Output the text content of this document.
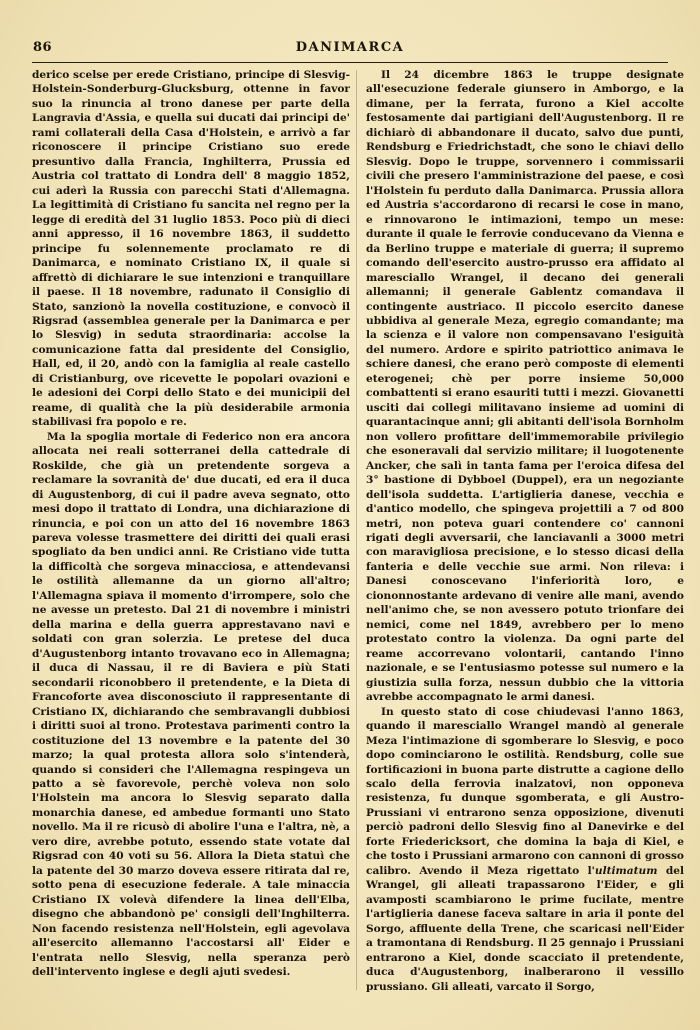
86	DANIMARCA

derico scelse per erede Cristiano, principe di Slesvig-Holstein-Sonderburg-Glucksburg, ottenne in favor suo la rinuncia al trono danese per parte della Langravia d'Assia, e quella sui ducati dai principi de' rami collaterali della Casa d'Holstein, e arrivò a far riconoscere il principe Cristiano suo erede presuntivo dalla Francia, Inghilterra, Prussia ed Austria col trattato di Londra dell' 8 maggio 1852, cui aderì la Russia con parecchi Stati d'Allemagna. La legittimità di Cristiano fu sancita nel regno per la legge di eredità del 31 luglio 1853. Poco più di dieci anni appresso, il 16 novembre 1863, il suddetto principe fu solennemente proclamato re di Danimarca, e nominato Cristiano IX, il quale si affrettò di dichiarare le sue intenzioni e tranquillare il paese. Il 18 novembre, radunato il Consiglio di Stato, sanzionò la novella costituzione, e convocò il Rigsrad (assemblea generale per la Danimarca e per lo Slesvig) in seduta straordinaria: accolse la comunicazione fatta dal presidente del Consiglio, Hall, ed, il 20, andò con la famiglia al reale castello di Cristianburg, ove ricevette le popolari ovazioni e le adesioni dei Corpi dello Stato e dei municipii del reame, di qualità che la più desiderabile armonia stabilivasi fra popolo e re.

Ma la spoglia mortale di Federico non era ancora allocata nei reali sotterranei della cattedrale di Roskilde, che già un pretendente sorgeva a reclamare la sovranità de' due ducati, ed era il duca di Augustenborg, di cui il padre aveva segnato, otto mesi dopo il trattato di Londra, una dichiarazione di rinuncia, e poi con un atto del 16 novembre 1863 pareva volesse trasmettere dei diritti dei quali erasi spogliato da ben undici anni. Re Cristiano vide tutta la difficoltà che sorgeva minacciosa, e attendevansi le ostilità allemanne da un giorno all'altro; l'Allemagna spiava il momento d'irrompere, solo che ne avesse un pretesto. Dal 21 di novembre i ministri della marina e della guerra apprestavano navi e soldati con gran solerzia. Le pretese del duca d'Augustenborg intanto trovavano eco in Allemagna; il duca di Nassau, il re di Baviera e più Stati secondarii riconobbero il pretendente, e la Dieta di Francoforte avea disconosciuto il rappresentante di Cristiano IX, dichiarando che sembravangli dubbiosi i diritti suoi al trono. Protestava parimenti contro la costituzione del 13 novembre e la patente del 30 marzo; la qual protesta allora solo s'intenderà, quando si consideri che l'Allemagna respingeva un patto a sè favorevole, perchè voleva non solo l'Holstein ma ancora lo Slesvig separato dalla monarchia danese, ed ambedue formanti uno Stato novello. Ma il re ricusò di abolire l'una e l'altra, nè, a vero dire, avrebbe potuto, essendo state votate dal Rigsrad con 40 voti su 56. Allora la Dieta statuì che la patente del 30 marzo doveva essere ritirata dal re, sotto pena di esecuzione federale. A tale minaccia Cristiano IX volevà difendere la linea dell'Elba, disegno che abbandonò pe' consigli dell'Inghilterra. Non facendo resistenza nell'Holstein, egli agevolava all'esercito allemanno l'accostarsi all' Eider e l'entrata nello Slesvig, nella speranza però dell'intervento inglese e degli ajuti svedesi.

Il 24 dicembre 1863 le truppe designate all'esecuzione federale giunsero in Amborgo, e la dimane, per la ferrata, furono a Kiel accolte festosamente dai partigiani dell'Augustenborg. Il re dichiarò di abbandonare il ducato, salvo due punti, Rendsburg e Friedrichstadt, che sono le chiavi dello Slesvig. Dopo le truppe, sorvennero i commissarii civili che presero l'amministrazione del paese, e così l'Holstein fu perduto dalla Danimarca. Prussia allora ed Austria s'accordarono di recarsi le cose in mano, e rinnovarono le intimazioni, tempo un mese: durante il quale le ferrovie conducevano da Vienna e da Berlino truppe e materiale di guerra; il supremo comando dell'esercito austro-prusso era affidato al maresciallo Wrangel, il decano dei generali allemanni; il generale Gablentz comandava il contingente austriaco. Il piccolo esercito danese ubbidiva al generale Meza, egregio comandante; ma la scienza e il valore non compensavano l'esiguità del numero. Ardore e spirito patriottico animava le schiere danesi, che erano però composte di elementi eterogenei; chè per porre insieme 50,000 combattenti si erano esauriti tutti i mezzi. Giovanetti usciti dai collegi militavano insieme ad uomini di quarantacinque anni; gli abitanti dell'isola Bornholm non vollero profittare dell'immemorabile privilegio che esoneravali dal servizio militare; il luogotenente Ancker, che salì in tanta fama per l'eroica difesa del 3° bastione di Dybboel (Duppel), era un negoziante dell'isola suddetta. L'artiglieria danese, vecchia e d'antico modello, che spingeva projettili a 7 od 800 metri, non poteva guari contendere co' cannoni rigati degli avversarii, che lanciavanli a 3000 metri con maravigliosa precisione, e lo stesso dicasi della fanteria e delle vecchie sue armi. Non rileva: i Danesi conoscevano l'inferiorità loro, e ciononnostante ardevano di venire alle mani, avendo nell'animo che, se non avessero potuto trionfare dei nemici, come nel 1849, avrebbero per lo meno protestato contro la violenza. Da ogni parte del reame accorrevano volontarii, cantando l'inno nazionale, e se l'entusiasmo potesse sul numero e la giustizia sulla forza, nessun dubbio che la vittoria avrebbe accompagnato le armi danesi.

In questo stato di cose chiudevasi l'anno 1863, quando il maresciallo Wrangel mandò al generale Meza l'intimazione di sgomberare lo Slesvig, e poco dopo cominciarono le ostilità. Rendsburg, colle sue fortificazioni in buona parte distrutte a cagione dello scalo della ferrovia inalzatovi, non opponeva resistenza, fu dunque sgomberata, e gli Austro-Prussiani vi entrarono senza opposizione, divenuti perciò padroni dello Slesvig fino al Danevirke e del forte Friedericksort, che domina la baja di Kiel, e che tosto i Prussiani armarono con cannoni di grosso calibro. Avendo il Meza rigettato l'ultimatum del Wrangel, gli alleati trapassarono l'Eider, e gli avamposti scambiarono le prime fucilate, mentre l'artiglieria danese faceva saltare in aria il ponte del Sorgo, affluente della Trene, che scaricasi nell'Eider a tramontana di Rendsburg. Il 25 gennajo i Prussiani entrarono a Kiel, donde scacciato il pretendente, duca d'Augustenborg, inalberarono il vessillo prussiano. Gli alleati, varcato il Sorgo,
